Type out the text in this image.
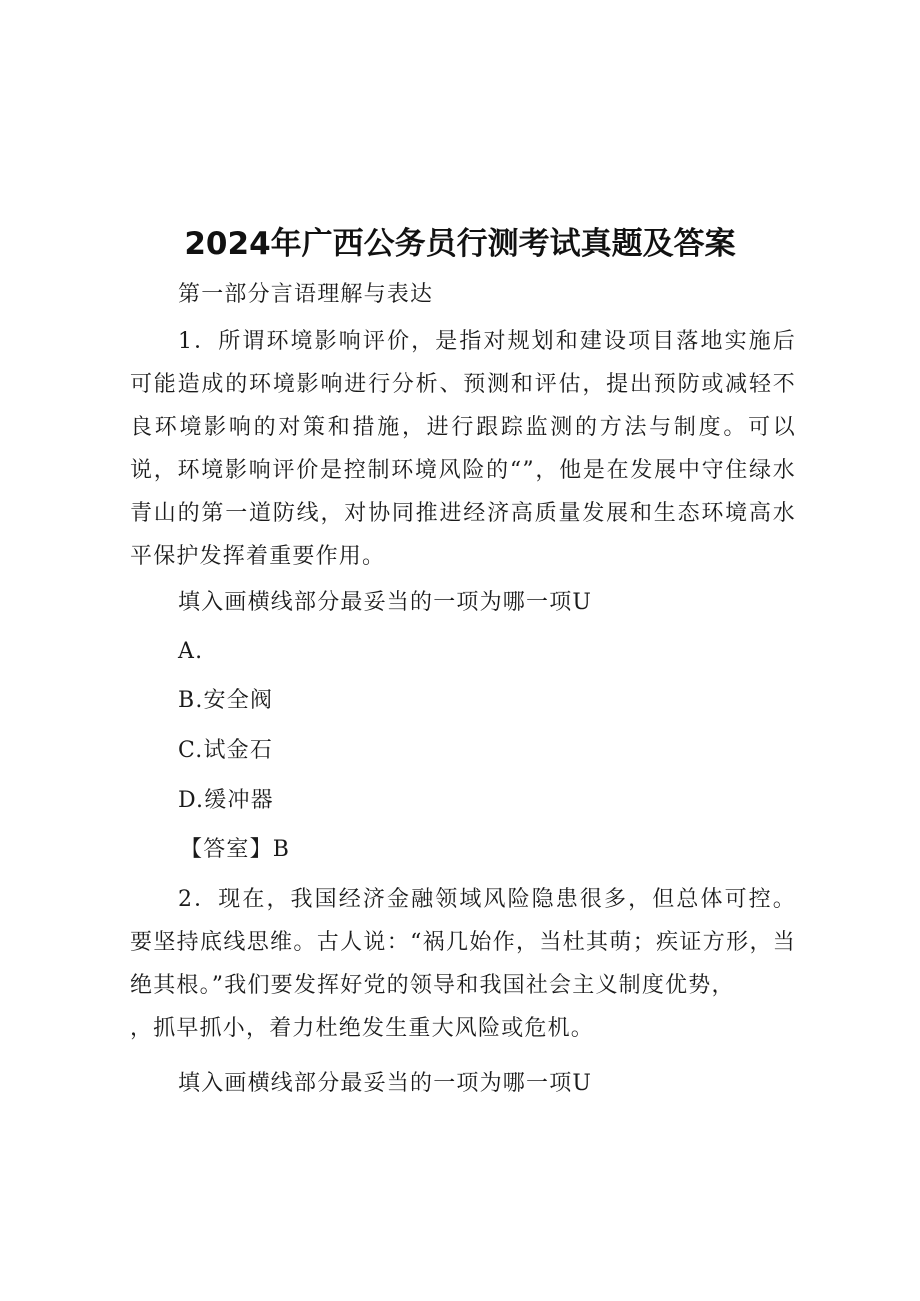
2024年广西公务员行测考试真题及答案

第一部分言语理解与表达

1．所谓环境影响评价，是指对规划和建设项目落地实施后可能造成的环境影响进行分析、预测和评估，提出预防或减轻不良环境影响的对策和措施，进行跟踪监测的方法与制度。可以说，环境影响评价是控制环境风险的“”，他是在发展中守住绿水青山的第一道防线，对协同推进经济高质量发展和生态环境高水平保护发挥着重要作用。

填入画横线部分最妥当的一项为哪一项U

A.

B.安全阀

C.试金石

D.缓冲器

【答室】B

2．现在，我国经济金融领域风险隐患很多，但总体可控。要坚持底线思维。古人说：“祸几始作，当杜其萌；疾证方形，当绝其根。”我们要发挥好党的领导和我国社会主义制度优势，

，抓早抓小，着力杜绝发生重大风险或危机。

填入画横线部分最妥当的一项为哪一项U
